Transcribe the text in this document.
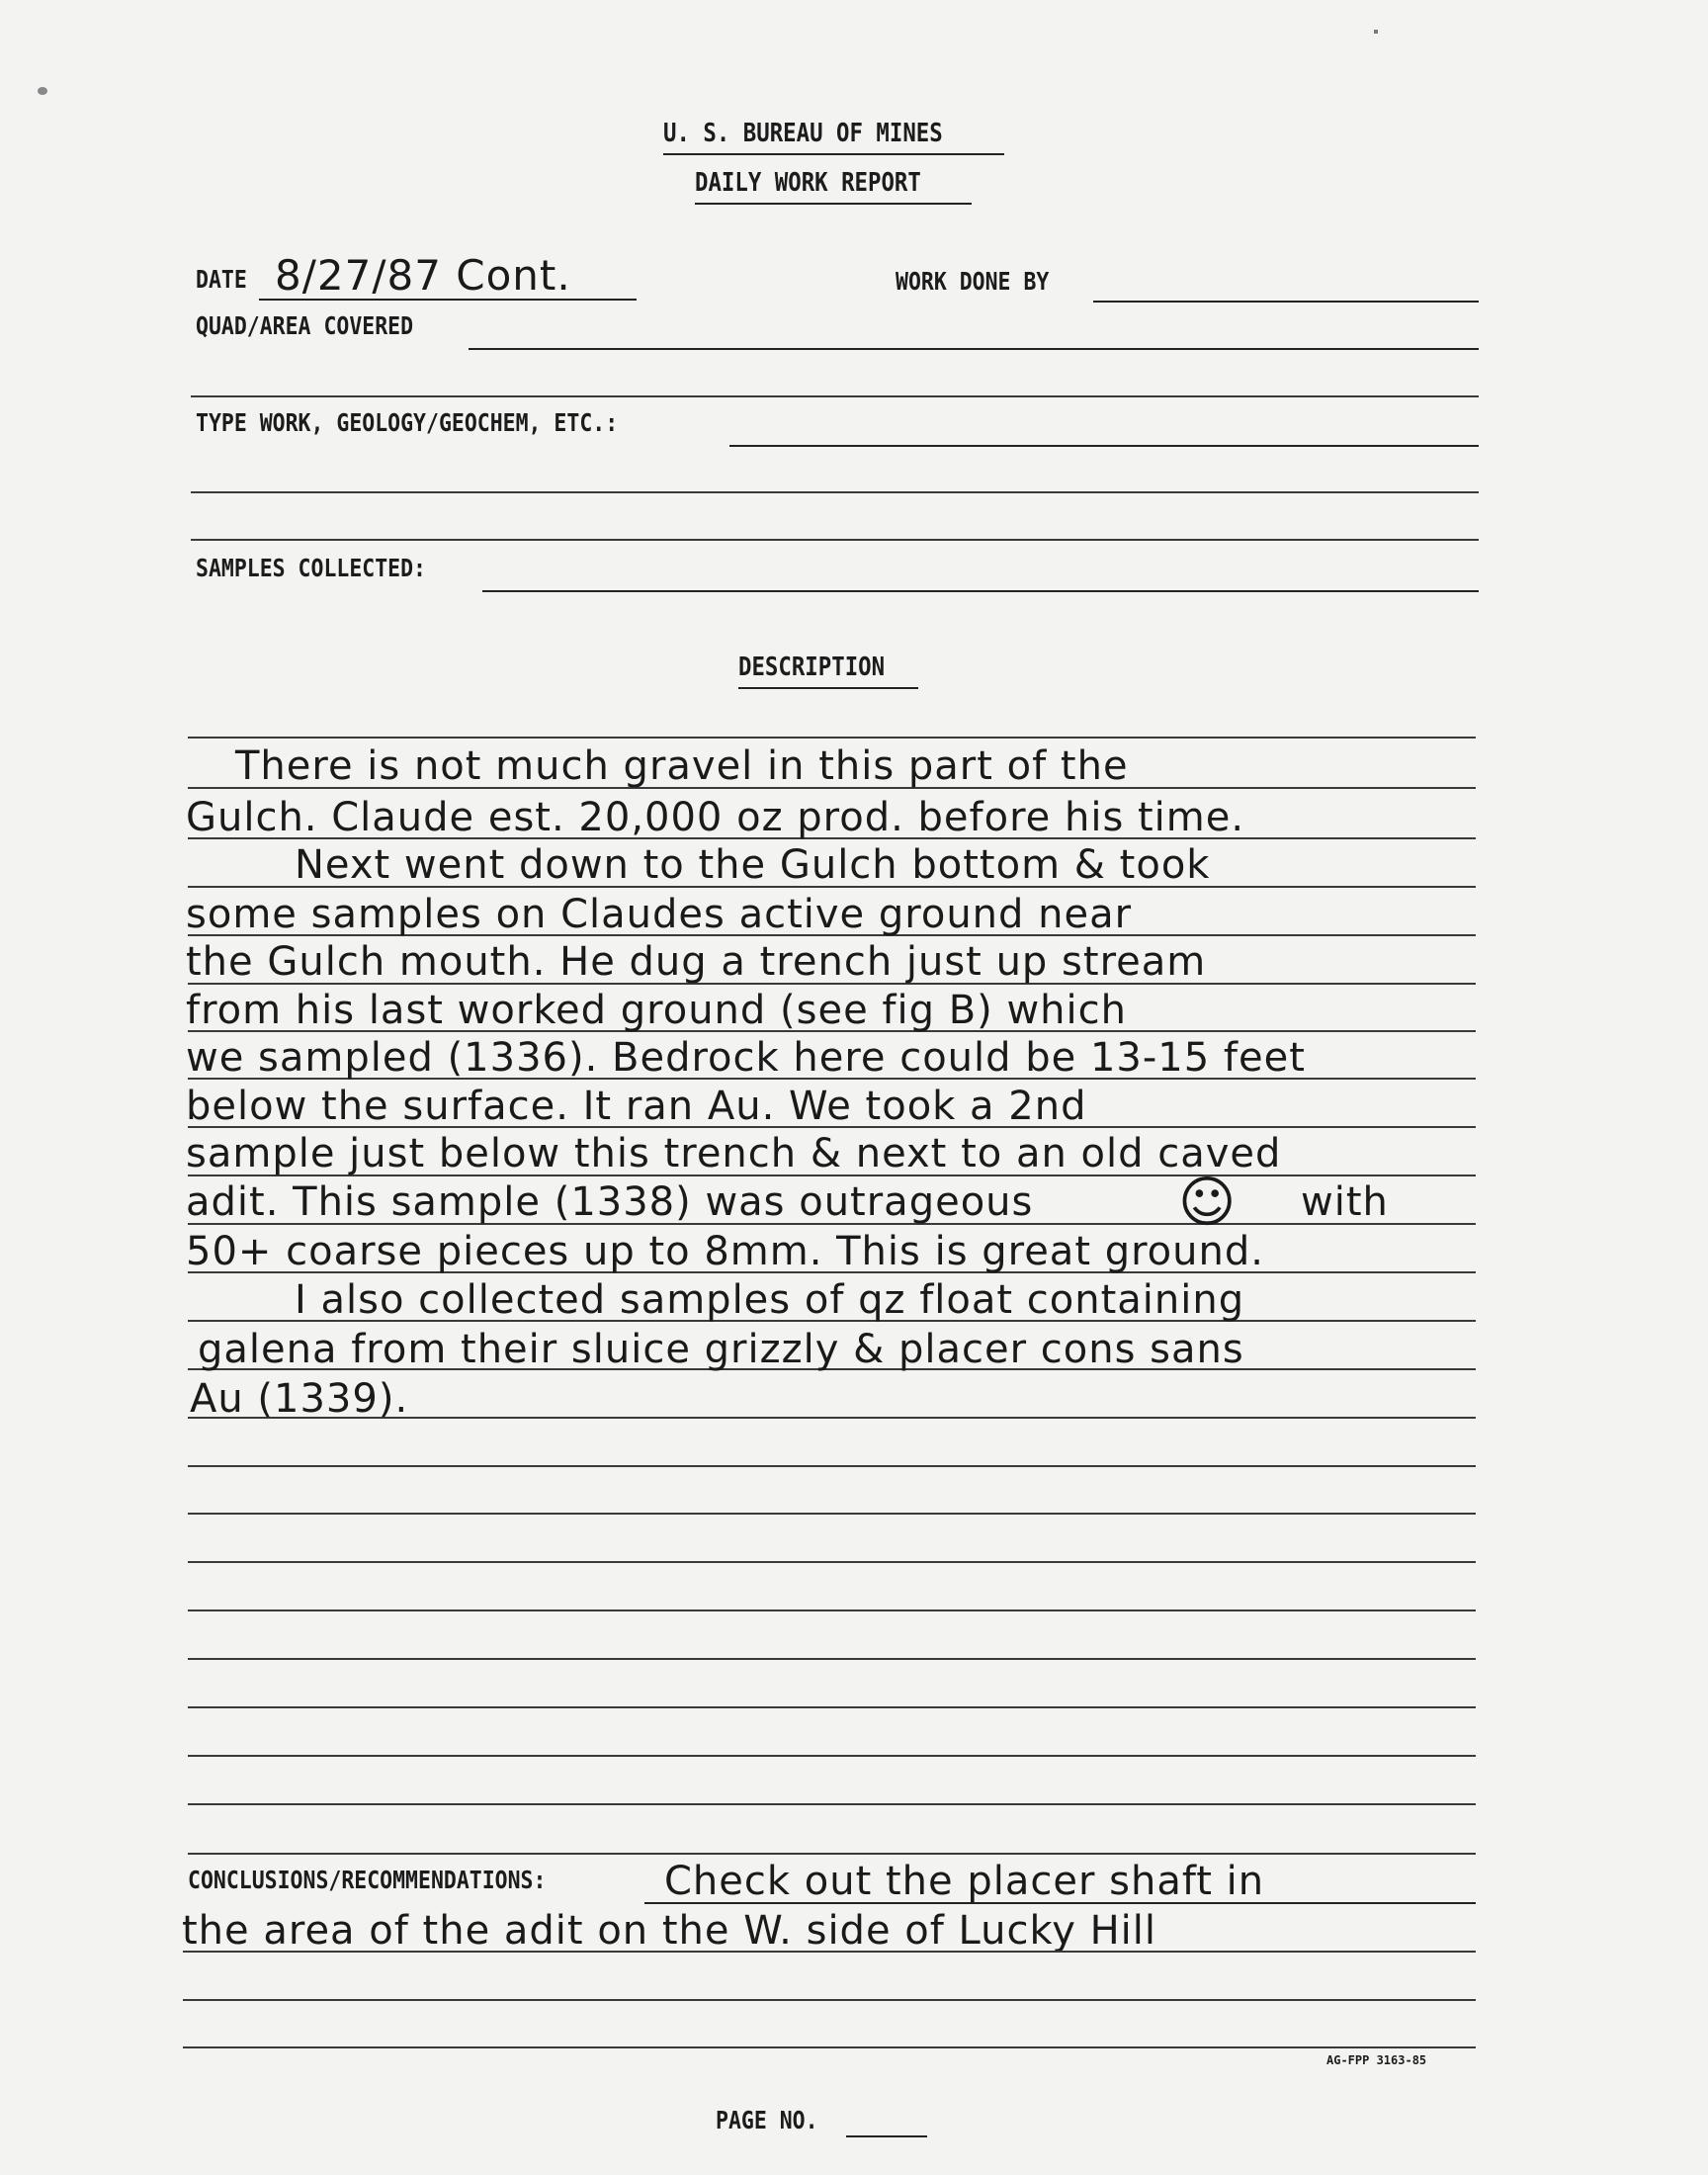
U. S. BUREAU OF MINES
DAILY WORK REPORT
DATE 8/27/87 Cont.	WORK DONE BY
QUAD/AREA COVERED
TYPE WORK, GEOLOGY/GEOCHEM, ETC.:
SAMPLES COLLECTED:
DESCRIPTION
There is not much gravel in this part of the
Gulch. Claude est. 20,000 oz prod. before his time.
Next went down to the Gulch bottom & took
some samples on Claudes active ground near
the Gulch mouth. He dug a trench just up stream
from his last worked ground (see fig B) which
we sampled (1336). Bedrock here could be 13-15 feet
below the surface. It ran Au. We took a 2nd
sample just below this trench & next to an old caved
adit. This sample (1338) was outrageous	☺ with
50+ coarse pieces up to 8mm. This is great ground.
I also collected samples of qz float containing
galena from their sluice grizzly & placer cons sans
Au (1339).
CONCLUSIONS/RECOMMENDATIONS:	Check out the placer shaft in
the area of the adit on the W. side of Lucky Hill
AG-FPP 3163-85
PAGE NO.
